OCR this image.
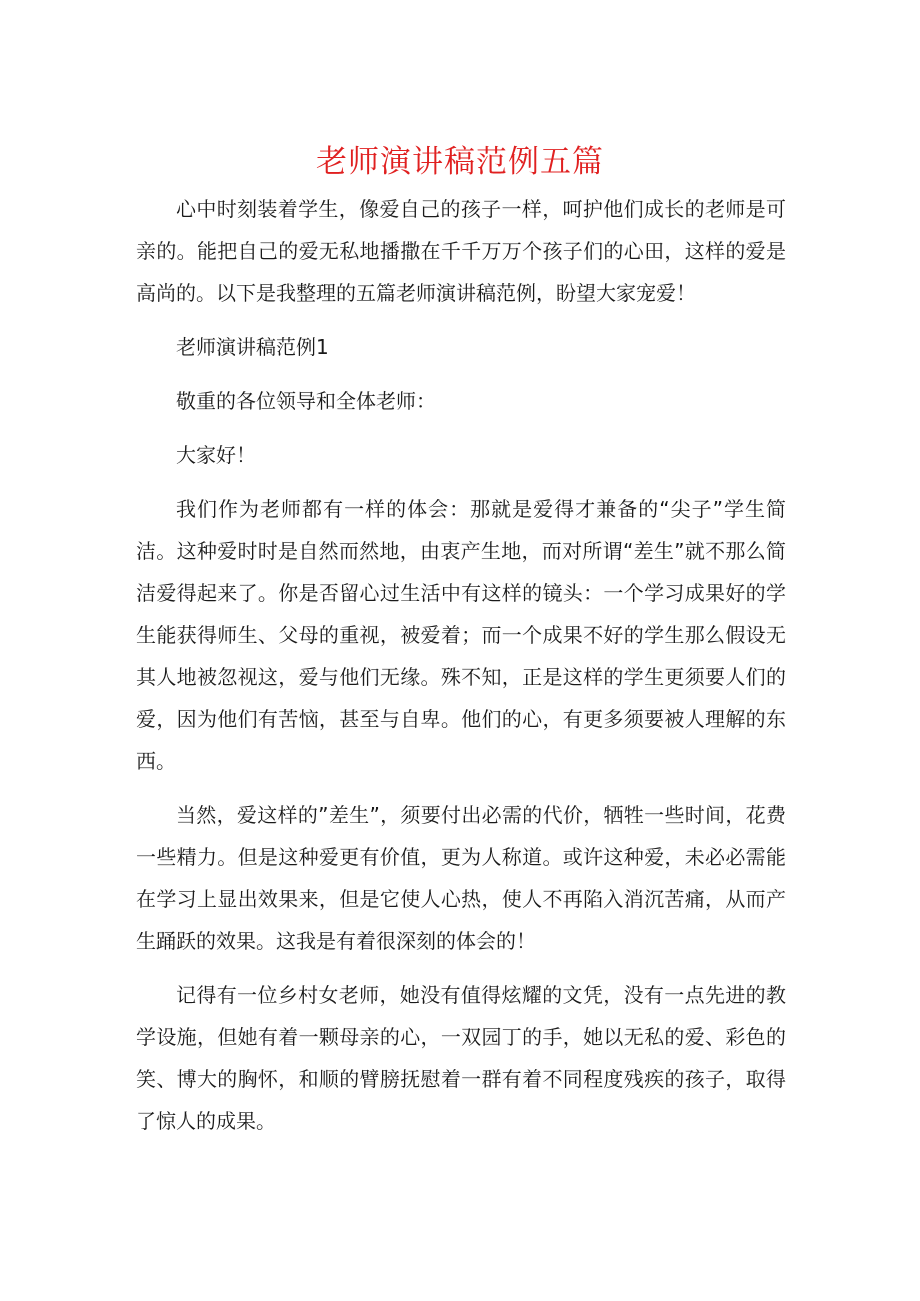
老师演讲稿范例五篇

心中时刻装着学生，像爱自己的孩子一样，呵护他们成长的老师是可亲的。能把自己的爱无私地播撒在千千万万个孩子们的心田，这样的爱是高尚的。以下是我整理的五篇老师演讲稿范例，盼望大家宠爱！

老师演讲稿范例1

敬重的各位领导和全体老师：

大家好！

我们作为老师都有一样的体会：那就是爱得才兼备的“尖子”学生简洁。这种爱时时是自然而然地，由衷产生地，而对所谓“差生”就不那么简洁爱得起来了。你是否留心过生活中有这样的镜头：一个学习成果好的学生能获得师生、父母的重视，被爱着；而一个成果不好的学生那么假设无其人地被忽视这，爱与他们无缘。殊不知，正是这样的学生更须要人们的爱，因为他们有苦恼，甚至与自卑。他们的心，有更多须要被人理解的东西。

当然，爱这样的”差生”，须要付出必需的代价，牺牲一些时间，花费一些精力。但是这种爱更有价值，更为人称道。或许这种爱，未必必需能在学习上显出效果来，但是它使人心热，使人不再陷入消沉苦痛，从而产生踊跃的效果。这我是有着很深刻的体会的！

记得有一位乡村女老师，她没有值得炫耀的文凭，没有一点先进的教学设施，但她有着一颗母亲的心，一双园丁的手，她以无私的爱、彩色的笑、博大的胸怀，和顺的臂膀抚慰着一群有着不同程度残疾的孩子，取得了惊人的成果。
